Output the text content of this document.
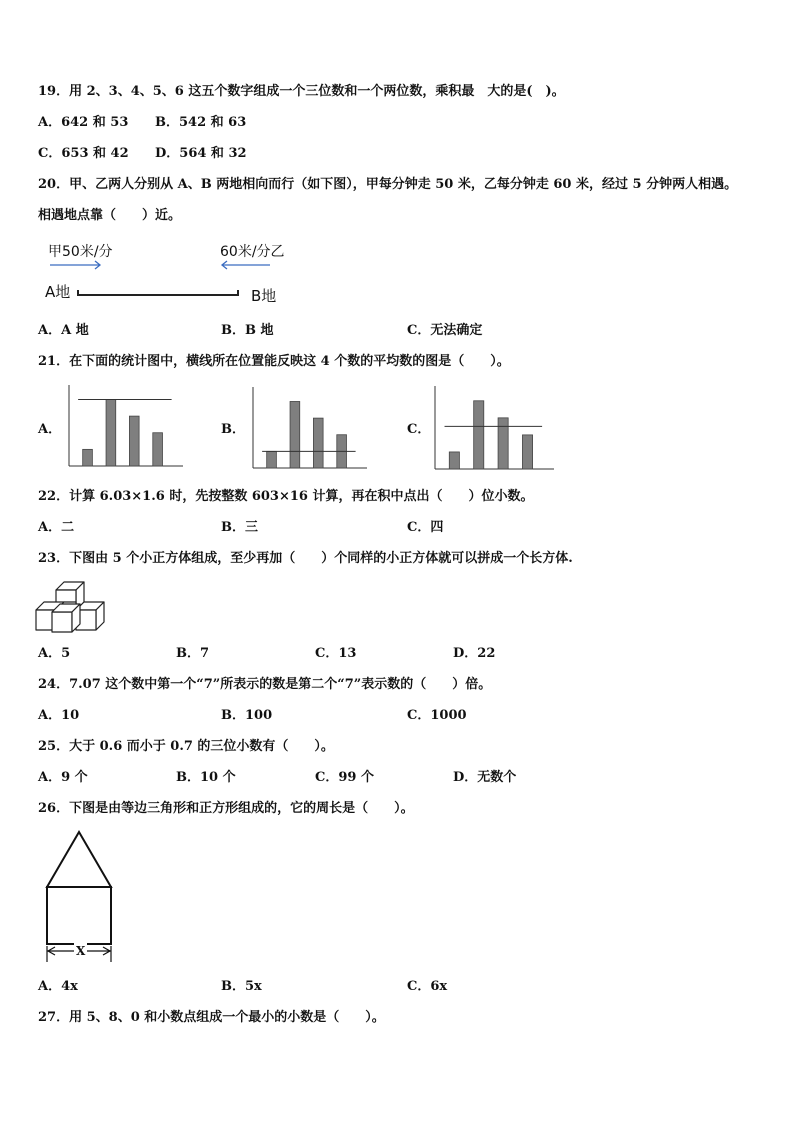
19．用 2、3、4、5、6 这五个数字组成一个三位数和一个两位数，乘积最　大的是(　)。
A．642 和 53 B．542 和 63
C．653 和 42 D．564 和 32
20．甲、乙两人分别从 A、B 两地相向而行（如下图），甲每分钟走 50 米，乙每分钟走 60 米，经过 5 分钟两人相遇。
相遇地点靠（　　）近。
甲50米/分	60米/分乙
A地	B地
A．A 地	B．B 地	C．无法确定
21．在下面的统计图中，横线所在位置能反映这 4 个数的平均数的图是（　　）。
A．	B．	C．
22．计算 6.03×1.6 时，先按整数 603×16 计算，再在积中点出（　　）位小数。
A．二	B．三	C．四
23．下图由 5 个小正方体组成，至少再加（　　）个同样的小正方体就可以拼成一个长方体.
A．5	B．7	C．13	D．22
24．7.07 这个数中第一个“7”所表示的数是第二个“7”表示数的（　　）倍。
A．10	B．100	C．1000
25．大于 0.6 而小于 0.7 的三位小数有（　　）。
A．9 个	B．10 个	C．99 个	D．无数个
26．下图是由等边三角形和正方形组成的，它的周长是（　　）。
X
A．4x	B．5x	C．6x
27．用 5、8、0 和小数点组成一个最小的小数是（　　）。
